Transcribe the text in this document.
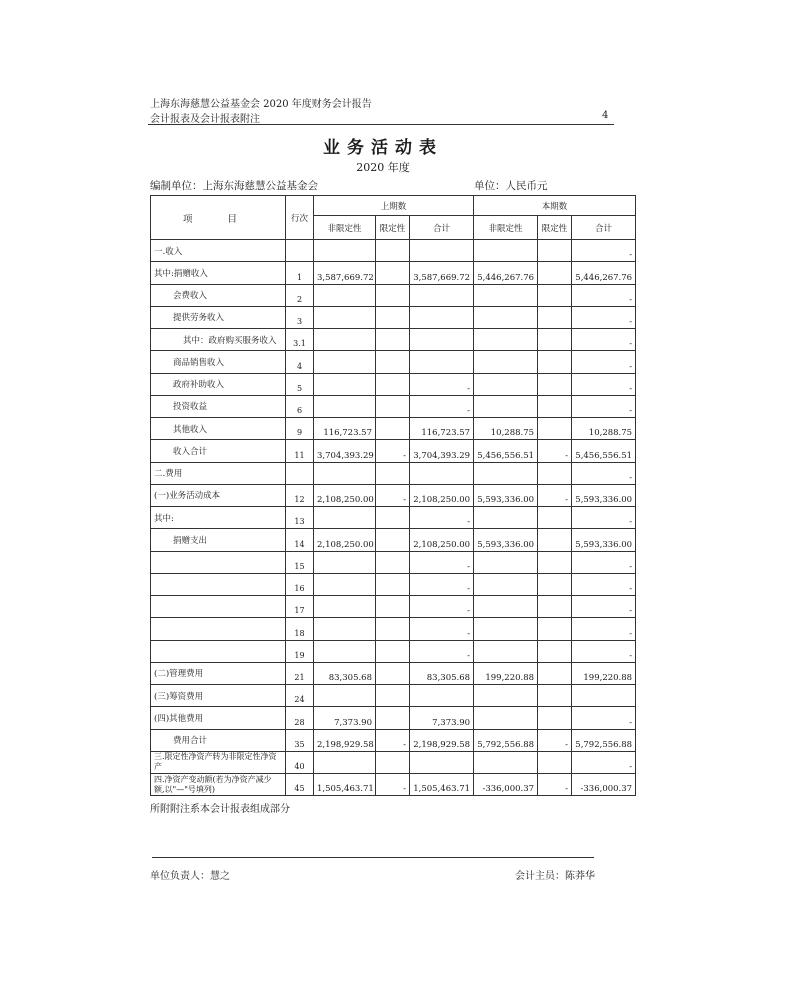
上海东海慈慧公益基金会 2020 年度财务会计报告
会计报表及会计报表附注	4
业务活动表
2020 年度
编制单位：上海东海慈慧公益基金会	单位：人民币元
项 目	行次	上期数			本期数		
		非限定性	限定性	合计	非限定性	限定性	合计
一.收入							-
其中:捐赠收入	1	3,587,669.72		3,587,669.72	5,446,267.76		5,446,267.76
会费收入	2						-
提供劳务收入	3						-
其中：政府购买服务收入	3.1						-
商品销售收入	4						-
政府补助收入	5			-			-
投资收益	6			-			-
其他收入	9	116,723.57		116,723.57	10,288.75		10,288.75
收入合计	11	3,704,393.29	-	3,704,393.29	5,456,556.51	-	5,456,556.51
二.费用							-
(一)业务活动成本	12	2,108,250.00	-	2,108,250.00	5,593,336.00	-	5,593,336.00
其中:	13			-			-
捐赠支出	14	2,108,250.00		2,108,250.00	5,593,336.00		5,593,336.00
	15			-			-
	16			-			-
	17			-			-
	18			-			-
	19			-			-
(二)管理费用	21	83,305.68		83,305.68	199,220.88		199,220.88
(三)筹资费用	24						
(四)其他费用	28	7,373.90		7,373.90			-
费用合计	35	2,198,929.58	-	2,198,929.58	5,792,556.88	-	5,792,556.88
三.限定性净资产转为非限定性净资产	40						-
四.净资产变动额(若为净资产减少额,以"—"号填列)	45	1,505,463.71	-	1,505,463.71	-336,000.37	-	-336,000.37
所附附注系本会计报表组成部分
单位负责人：慧之	会计主员：陈莽华
